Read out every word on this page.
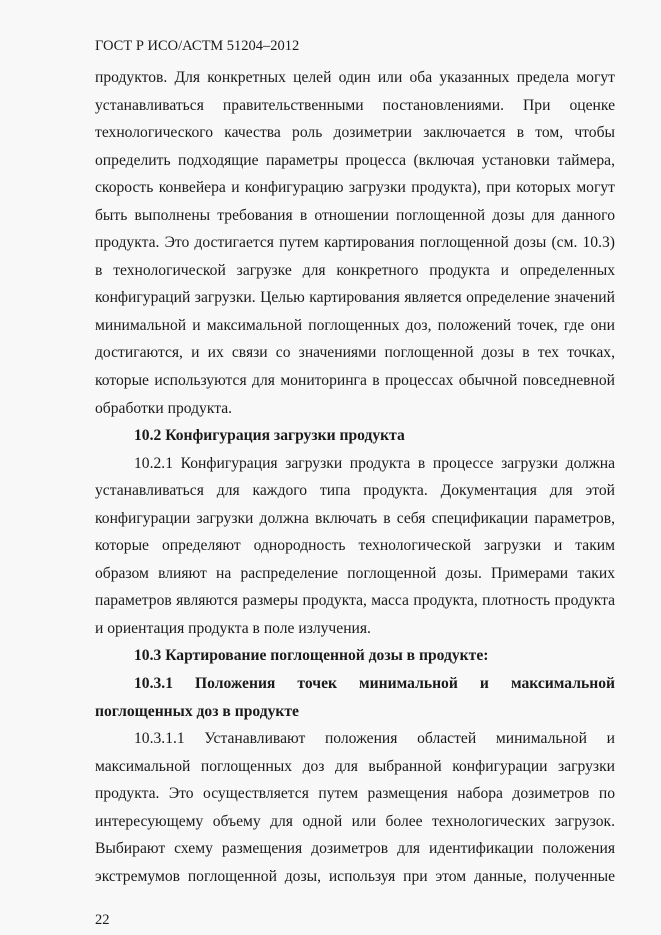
ГОСТ Р ИСО/АСТМ 51204–2012
продуктов. Для конкретных целей один или оба указанных предела могут
устанавливаться правительственными постановлениями. При оценке
технологического качества роль дозиметрии заключается в том, чтобы
определить подходящие параметры процесса (включая установки таймера,
скорость конвейера и конфигурацию загрузки продукта), при которых могут
быть выполнены требования в отношении поглощенной дозы для данного
продукта. Это достигается путем картирования поглощенной дозы (см. 10.3)
в технологической загрузке для конкретного продукта и определенных
конфигураций загрузки. Целью картирования является определение значений
минимальной и максимальной поглощенных доз, положений точек, где они
достигаются, и их связи со значениями поглощенной дозы в тех точках,
которые используются для мониторинга в процессах обычной повседневной
обработки продукта.
10.2 Конфигурация загрузки продукта
10.2.1 Конфигурация загрузки продукта в процессе загрузки должна
устанавливаться для каждого типа продукта. Документация для этой
конфигурации загрузки должна включать в себя спецификации параметров,
которые определяют однородность технологической загрузки и таким
образом влияют на распределение поглощенной дозы. Примерами таких
параметров являются размеры продукта, масса продукта, плотность продукта
и ориентация продукта в поле излучения.
10.3 Картирование поглощенной дозы в продукте:
10.3.1 Положения точек минимальной и максимальной
поглощенных доз в продукте
10.3.1.1 Устанавливают положения областей минимальной и
максимальной поглощенных доз для выбранной конфигурации загрузки
продукта. Это осуществляется путем размещения набора дозиметров по
интересующему объему для одной или более технологических загрузок.
Выбирают схему размещения дозиметров для идентификации положения
экстремумов поглощенной дозы, используя при этом данные, полученные
22
